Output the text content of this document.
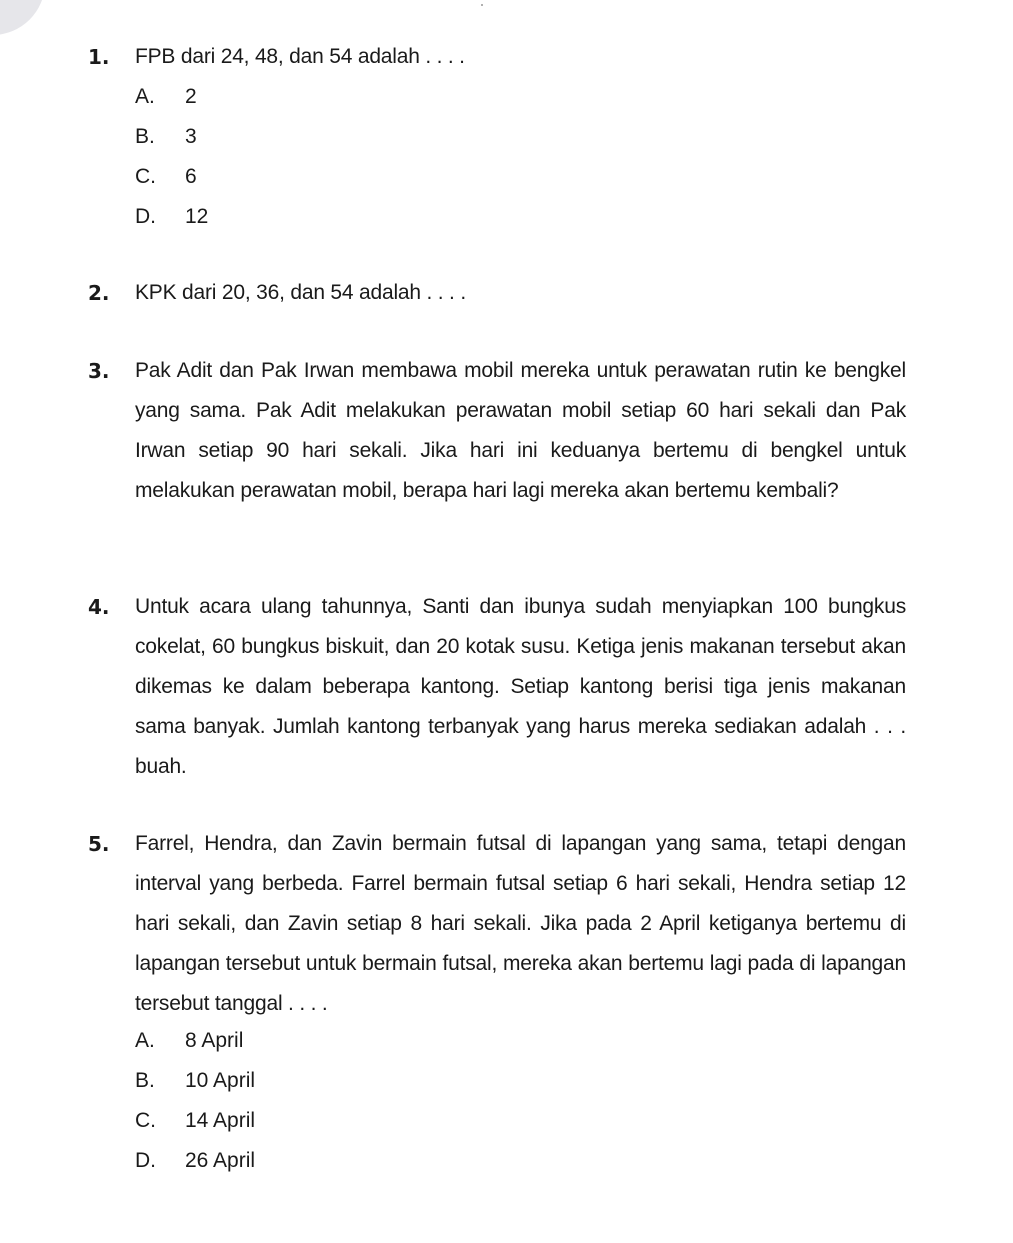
1. FPB dari 24, 48, dan 54 adalah . . . .
A. 2
B. 3
C. 6
D. 12
2. KPK dari 20, 36, dan 54 adalah . . . .
3. Pak Adit dan Pak Irwan membawa mobil mereka untuk perawatan rutin ke bengkel yang sama. Pak Adit melakukan perawatan mobil setiap 60 hari sekali dan Pak Irwan setiap 90 hari sekali. Jika hari ini keduanya bertemu di bengkel untuk melakukan perawatan mobil, berapa hari lagi mereka akan bertemu kembali?
4. Untuk acara ulang tahunnya, Santi dan ibunya sudah menyiapkan 100 bungkus cokelat, 60 bungkus biskuit, dan 20 kotak susu. Ketiga jenis makanan tersebut akan dikemas ke dalam beberapa kantong. Setiap kantong berisi tiga jenis makanan sama banyak. Jumlah kantong terbanyak yang harus mereka sediakan adalah . . . buah.
5. Farrel, Hendra, dan Zavin bermain futsal di lapangan yang sama, tetapi dengan interval yang berbeda. Farrel bermain futsal setiap 6 hari sekali, Hendra setiap 12 hari sekali, dan Zavin setiap 8 hari sekali. Jika pada 2 April ketiganya bertemu di lapangan tersebut untuk bermain futsal, mereka akan bertemu lagi pada di lapangan tersebut tanggal . . . .
A. 8 April
B. 10 April
C. 14 April
D. 26 April
